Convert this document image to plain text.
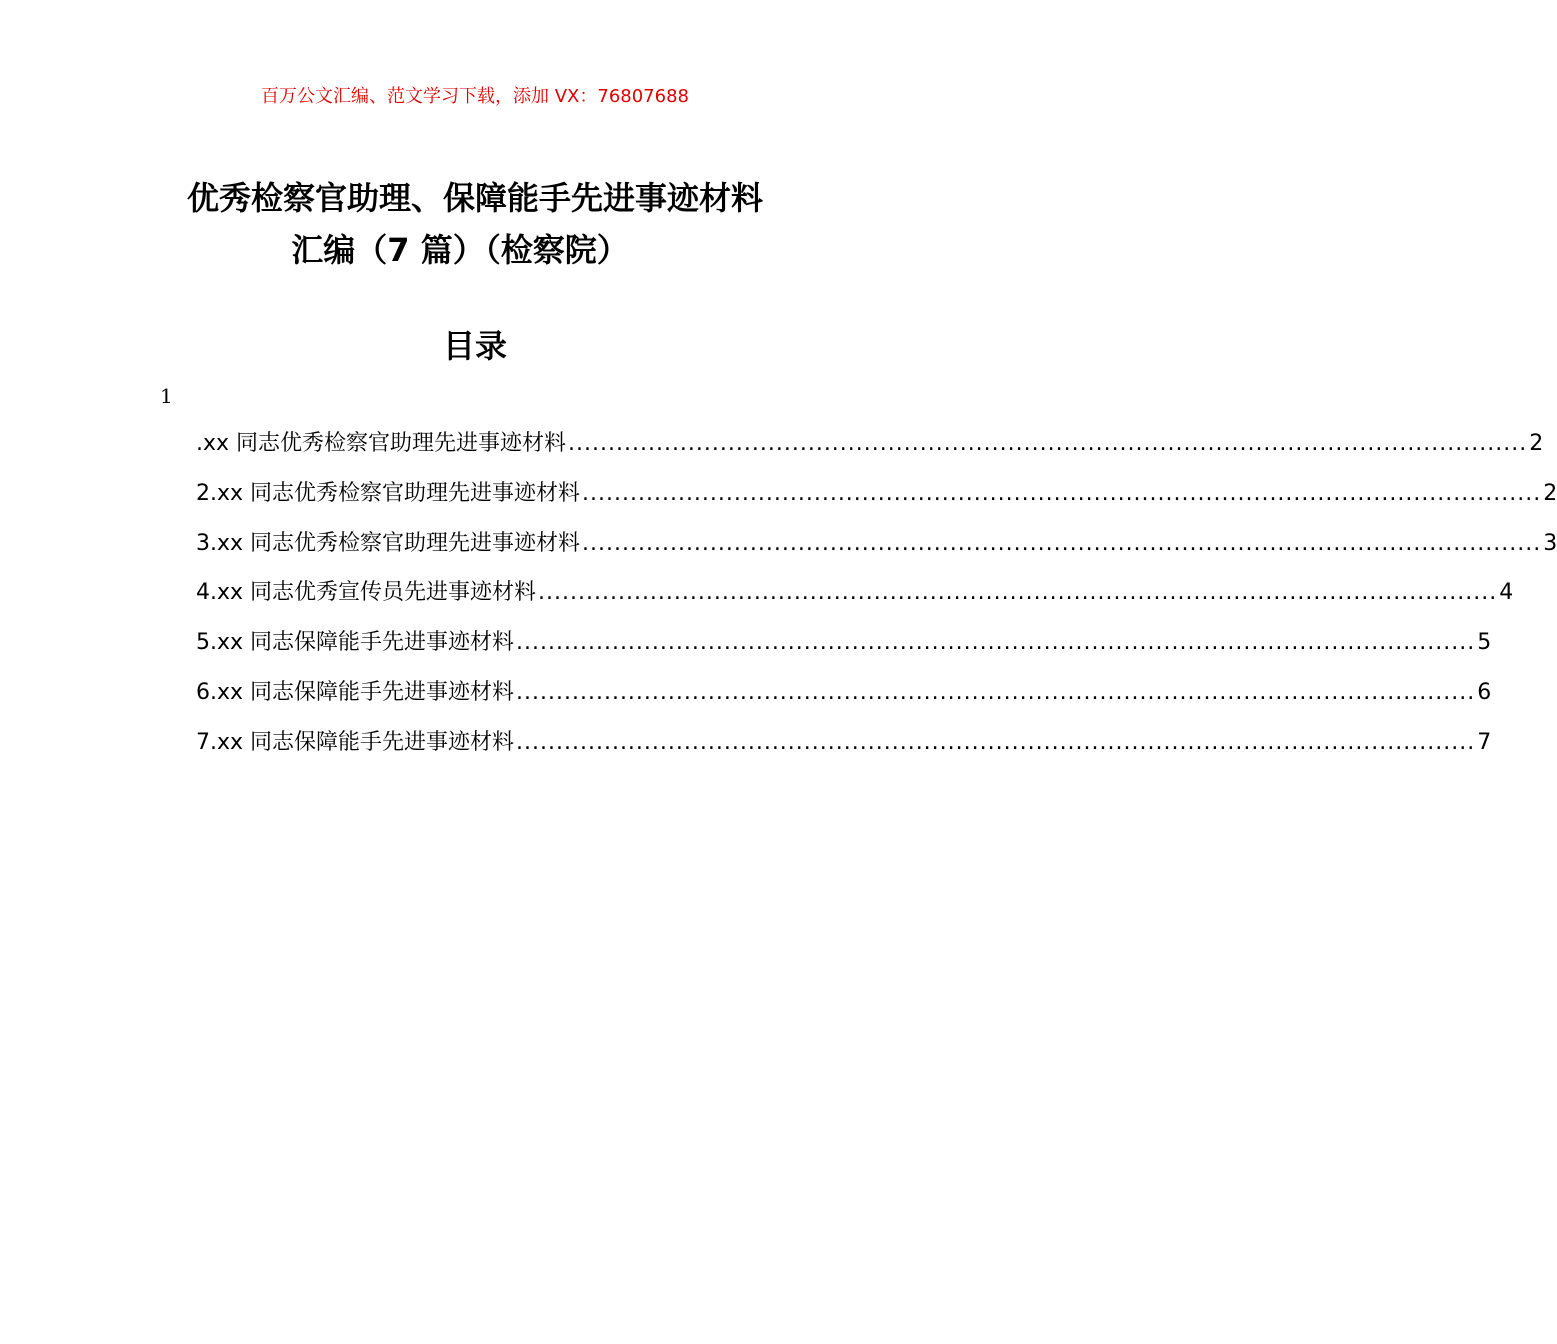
百万公文汇编、范文学习下载，添加 VX：76807688
优秀检察官助理、保障能手先进事迹材料
汇编（7 篇）（检察院）
目录
1
.xx 同志优秀检察官助理先进事迹材料 ........................................................................................................................ 2
2.xx 同志优秀检察官助理先进事迹材料 ........................................................................................................................ 2
3.xx 同志优秀检察官助理先进事迹材料 ........................................................................................................................ 3
4.xx 同志优秀宣传员先进事迹材料 ........................................................................................................................ 4
5.xx 同志保障能手先进事迹材料 ........................................................................................................................ 5
6.xx 同志保障能手先进事迹材料 ........................................................................................................................ 6
7.xx 同志保障能手先进事迹材料 ........................................................................................................................ 7
